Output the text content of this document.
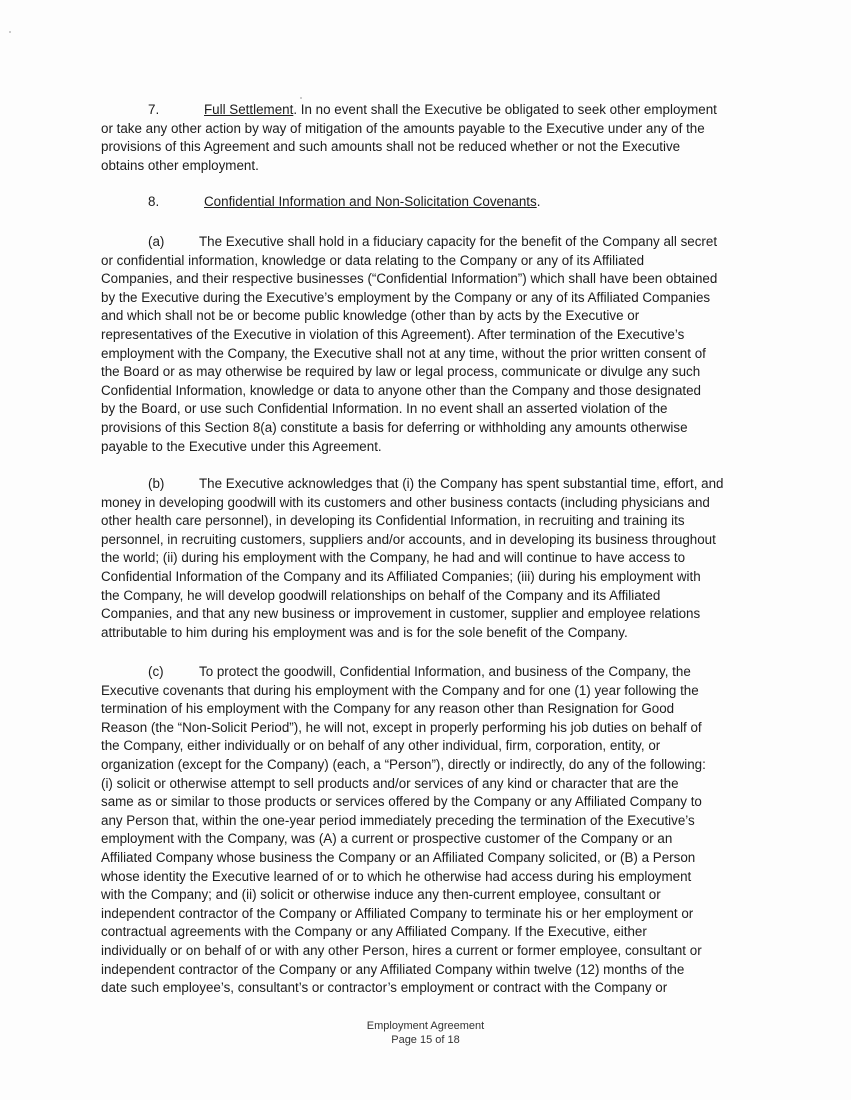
7.	Full Settlement. In no event shall the Executive be obligated to seek other employment
or take any other action by way of mitigation of the amounts payable to the Executive under any of the
provisions of this Agreement and such amounts shall not be reduced whether or not the Executive
obtains other employment.
8.	Confidential Information and Non-Solicitation Covenants.
(a)	The Executive shall hold in a fiduciary capacity for the benefit of the Company all secret
or confidential information, knowledge or data relating to the Company or any of its Affiliated
Companies, and their respective businesses (“Confidential Information”) which shall have been obtained
by the Executive during the Executive’s employment by the Company or any of its Affiliated Companies
and which shall not be or become public knowledge (other than by acts by the Executive or
representatives of the Executive in violation of this Agreement). After termination of the Executive’s
employment with the Company, the Executive shall not at any time, without the prior written consent of
the Board or as may otherwise be required by law or legal process, communicate or divulge any such
Confidential Information, knowledge or data to anyone other than the Company and those designated
by the Board, or use such Confidential Information. In no event shall an asserted violation of the
provisions of this Section 8(a) constitute a basis for deferring or withholding any amounts otherwise
payable to the Executive under this Agreement.
(b)	The Executive acknowledges that (i) the Company has spent substantial time, effort, and
money in developing goodwill with its customers and other business contacts (including physicians and
other health care personnel), in developing its Confidential Information, in recruiting and training its
personnel, in recruiting customers, suppliers and/or accounts, and in developing its business throughout
the world; (ii) during his employment with the Company, he had and will continue to have access to
Confidential Information of the Company and its Affiliated Companies; (iii) during his employment with
the Company, he will develop goodwill relationships on behalf of the Company and its Affiliated
Companies, and that any new business or improvement in customer, supplier and employee relations
attributable to him during his employment was and is for the sole benefit of the Company.
(c)	To protect the goodwill, Confidential Information, and business of the Company, the
Executive covenants that during his employment with the Company and for one (1) year following the
termination of his employment with the Company for any reason other than Resignation for Good
Reason (the “Non-Solicit Period”), he will not, except in properly performing his job duties on behalf of
the Company, either individually or on behalf of any other individual, firm, corporation, entity, or
organization (except for the Company) (each, a “Person”), directly or indirectly, do any of the following:
(i) solicit or otherwise attempt to sell products and/or services of any kind or character that are the
same as or similar to those products or services offered by the Company or any Affiliated Company to
any Person that, within the one-year period immediately preceding the termination of the Executive’s
employment with the Company, was (A) a current or prospective customer of the Company or an
Affiliated Company whose business the Company or an Affiliated Company solicited, or (B) a Person
whose identity the Executive learned of or to which he otherwise had access during his employment
with the Company; and (ii) solicit or otherwise induce any then-current employee, consultant or
independent contractor of the Company or Affiliated Company to terminate his or her employment or
contractual agreements with the Company or any Affiliated Company. If the Executive, either
individually or on behalf of or with any other Person, hires a current or former employee, consultant or
independent contractor of the Company or any Affiliated Company within twelve (12) months of the
date such employee’s, consultant’s or contractor’s employment or contract with the Company or
Employment Agreement
Page 15 of 18
